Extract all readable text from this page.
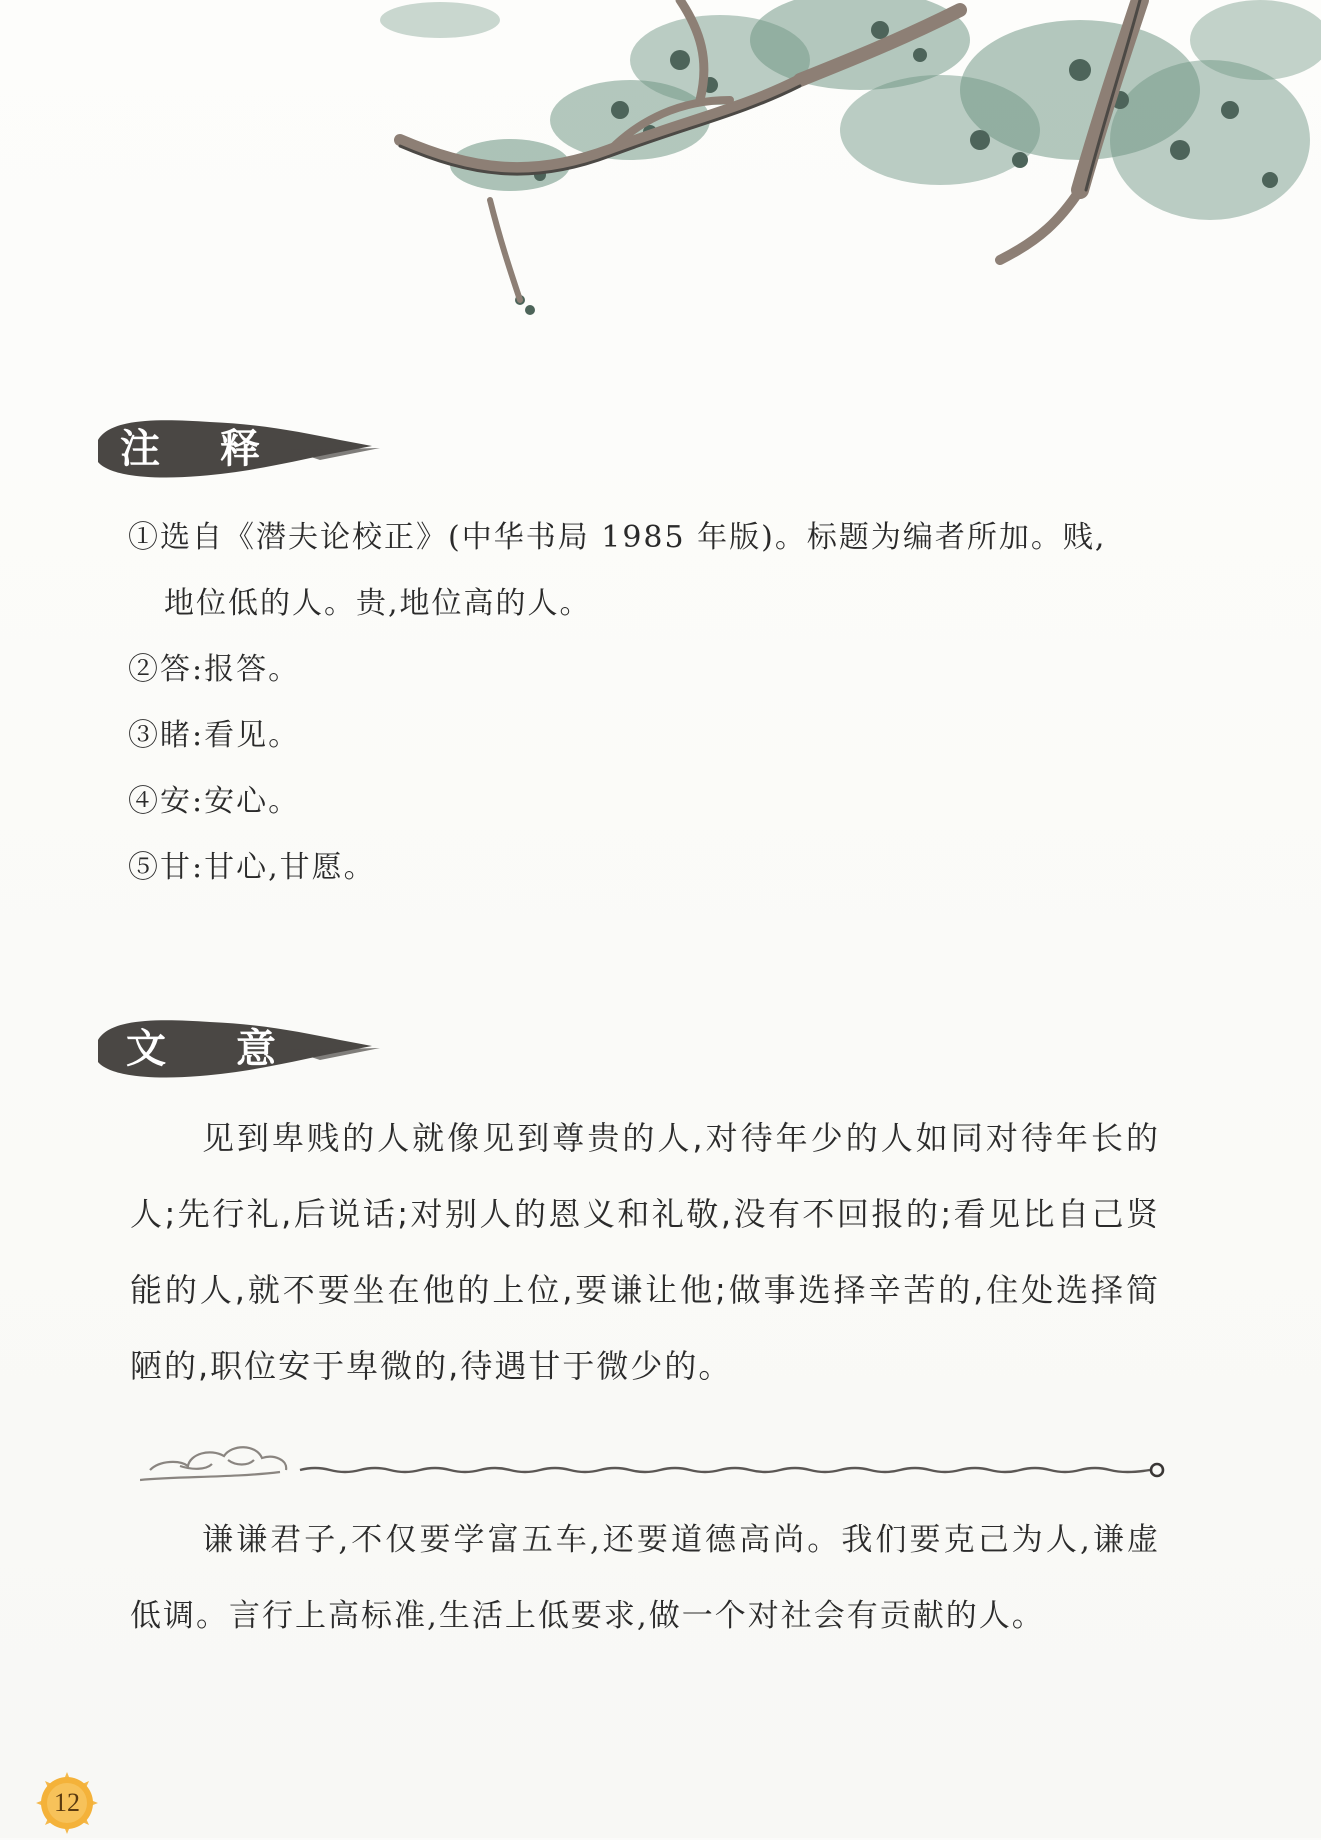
注 释
①选自《潜夫论校正》(中华书局 1985 年版)。标题为编者所加。贱,
地位低的人。贵,地位高的人。
②答:报答。
③睹:看见。
④安:安心。
⑤甘:甘心,甘愿。
文 意

见到卑贱的人就像见到尊贵的人,对待年少的人如同对待年长的人;先行礼,后说话;对别人的恩义和礼敬,没有不回报的;看见比自己贤能的人,就不要坐在他的上位,要谦让他;做事选择辛苦的,住处选择简陋的,职位安于卑微的,待遇甘于微少的。

谦谦君子,不仅要学富五车,还要道德高尚。我们要克己为人,谦虚低调。言行上高标准,生活上低要求,做一个对社会有贡献的人。

12
